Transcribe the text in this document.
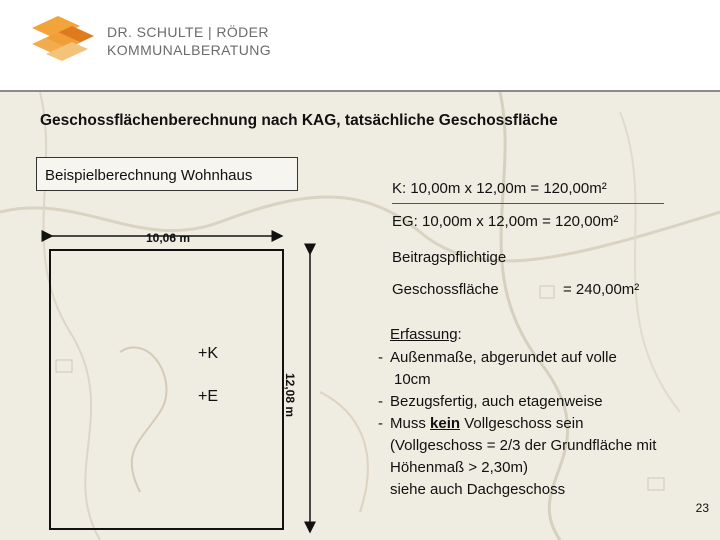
DR. SCHULTE | RÖDER
KOMMUNALBERATUNG
Geschossflächenberechnung nach KAG, tatsächliche Geschossfläche
Beispielberechnung Wohnhaus
10,06 m
+K
+E	12,08 m
K: 10,00m x 12,00m = 120,00m²
EG: 10,00m x 12,00m = 120,00m²
Beitragspflichtige
Geschossfläche	= 240,00m²
Erfassung:
- Außenmaße, abgerundet auf volle
10cm
- Bezugsfertig, auch etagenweise
- Muss kein Vollgeschoss sein
(Vollgeschoss = 2/3 der Grundfläche mit
Höhenmaß > 2,30m)
siehe auch Dachgeschoss
23
